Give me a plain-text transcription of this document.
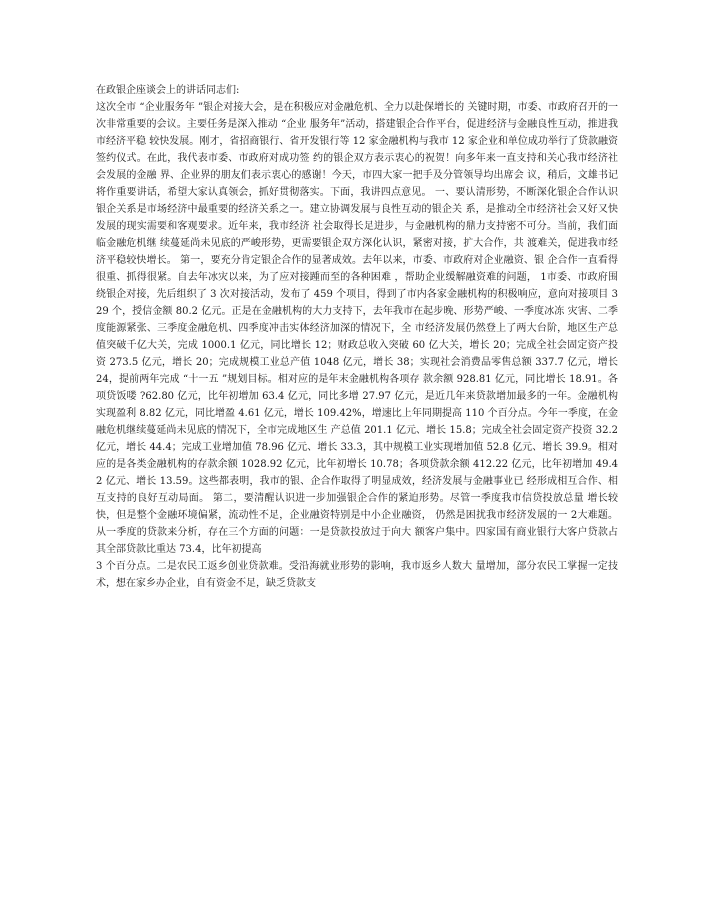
在政银企座谈会上的讲话同志们:
这次全市 “企业服务年 ”银企对接大会，是在积极应对金融危机、全力以赴保增长的 关键时期，市委、市政府召开的一次非常重要的会议。主要任务是深入推动 “企业 服务年”活动，搭建银企合作平台，促进经济与金融良性互动，推进我市经济平稳 较快发展。刚才，省招商银行、省开发银行等 12 家金融机构与我市 12 家企业和单位成功举行了贷款融资签约仪式。在此，我代表市委、市政府对成功签 约的银企双方表示衷心的祝贺！向多年来一直支持和关心我市经济社会发展的金融 界、企业界的朋友们表示衷心的感谢！今天，市四大家一把手及分管领导均出席会 议，稍后，文雄书记将作重要讲话，希望大家认真领会，抓好贯彻落实。下面，我讲四点意见。 一、要认清形势，不断深化银企合作认识 银企关系是市场经济中最重要的经济关系之一。建立协调发展与良性互动的银企关 系，是推动全市经济社会又好又快发展的现实需要和客观要求。近年来，我市经济 社会取得长足进步，与金融机构的鼎力支持密不可分。当前，我们面临金融危机继 续蔓延尚未见底的严峻形势，更需要银企双方深化认识，紧密对接，扩大合作，共 渡难关，促进我市经济平稳较快增长。 第一，要充分肯定银企合作的显著成效。去年以来，市委、市政府对企业融资、银 企合作一直看得很重、抓得很紧。自去年冰灾以来，为了应对接踵而至的各种困难 ，帮助企业缓解融资难的问题， 1市委、市政府围绕银企对接，先后组织了 3 次对接活动，发布了 459 个项目，得到了市内各家金融机构的积极响应，意向对接项目 329 个，授信金额 80.2 亿元。正是在金融机构的大力支持下，去年我市在起步晚、形势严峻、一季度冰冻 灾害、二季度能源紧张、三季度金融危机、四季度冲击实体经济加深的情况下，全 市经济发展仍然登上了两大台阶，地区生产总值突破千亿大关，完成 1000.1 亿元，同比增长 12；财政总收入突破 60 亿大关，增长 20；完成全社会固定资产投资 273.5 亿元，增长 20；完成规模工业总产值 1048 亿元，增长 38；实现社会消费品零售总额 337.7 亿元，增长 24，提前两年完成 “十一五 ”规划目标。相对应的是年末金融机构各项存 款余额 928.81 亿元，同比增长 18.91。各项贷饭喽 ?62.80 亿元，比年初增加 63.4 亿元，同比多增 27.97 亿元，是近几年来贷款增加最多的一年。金融机构实现盈利 8.82 亿元，同比增盈 4.61 亿元，增长 109.42%，增速比上年同期提高 110 个百分点。今年一季度，在金融危机继续蔓延尚未见底的情况下，全市完成地区生 产总值 201.1 亿元、增长 15.8；完成全社会固定资产投资 32.2 亿元，增长 44.4；完成工业增加值 78.96 亿元、增长 33.3，其中规模工业实现增加值 52.8 亿元、增长 39.9。相对应的是各类金融机构的存款余额 1028.92 亿元，比年初增长 10.78；各项贷款余额 412.22 亿元，比年初增加 49.42 亿元、增长 13.59。这些都表明，我市的银、企合作取得了明显成效，经济发展与金融事业已 经形成相互合作、相互支持的良好互动局面。 第二，要清醒认识进一步加强银企合作的紧迫形势。尽管一季度我市信贷投放总量 增长较快，但是整个金融环境偏紧，流动性不足，企业融资特别是中小企业融资， 仍然是困扰我市经济发展的一 2大难题。从一季度的贷款来分析，存在三个方面的问题：一是贷款投放过于向大 额客户集中。四家国有商业银行大客户贷款占其全部贷款比重达 73.4，比年初提高
3 个百分点。二是农民工返乡创业贷款难。受沿海就业形势的影响，我市返乡人数大 量增加，部分农民工掌握一定技术，想在家乡办企业，自有资金不足，缺乏贷款支
